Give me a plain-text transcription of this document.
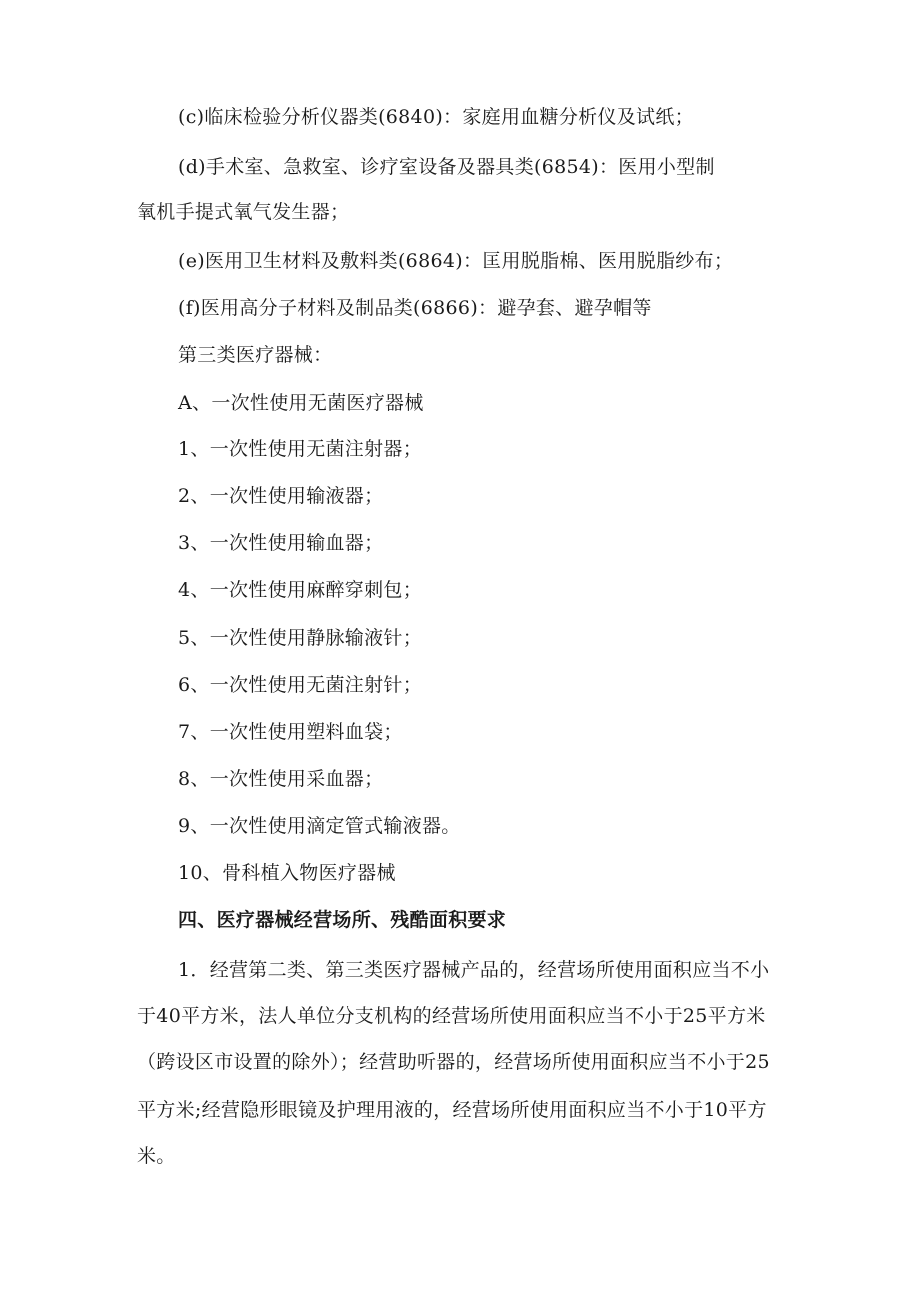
(c)临床检验分析仪器类(6840)：家庭用血糖分析仪及试纸；
(d)手术室、急救室、诊疗室设备及器具类(6854)：医用小型制
氧机手提式氧气发生器；
(e)医用卫生材料及敷料类(6864)：匡用脱脂棉、医用脱脂纱布；
(f)医用高分子材料及制品类(6866)：避孕套、避孕帽等
第三类医疗器械：
A、一次性使用无菌医疗器械
1、一次性使用无菌注射器；
2、一次性使用输液器；
3、一次性使用输血器；
4、一次性使用麻醉穿刺包；
5、一次性使用静脉输液针；
6、一次性使用无菌注射针；
7、一次性使用塑料血袋；
8、一次性使用采血器；
9、一次性使用滴定管式输液器。
10、骨科植入物医疗器械
四、医疗器械经营场所、残酷面积要求
1．经营第二类、第三类医疗器械产品的，经营场所使用面积应当不小
于40平方米，法人单位分支机构的经营场所使用面积应当不小于25平方米
（跨设区市设置的除外）；经营助听器的，经营场所使用面积应当不小于25
平方米;经营隐形眼镜及护理用液的，经营场所使用面积应当不小于10平方
米。
